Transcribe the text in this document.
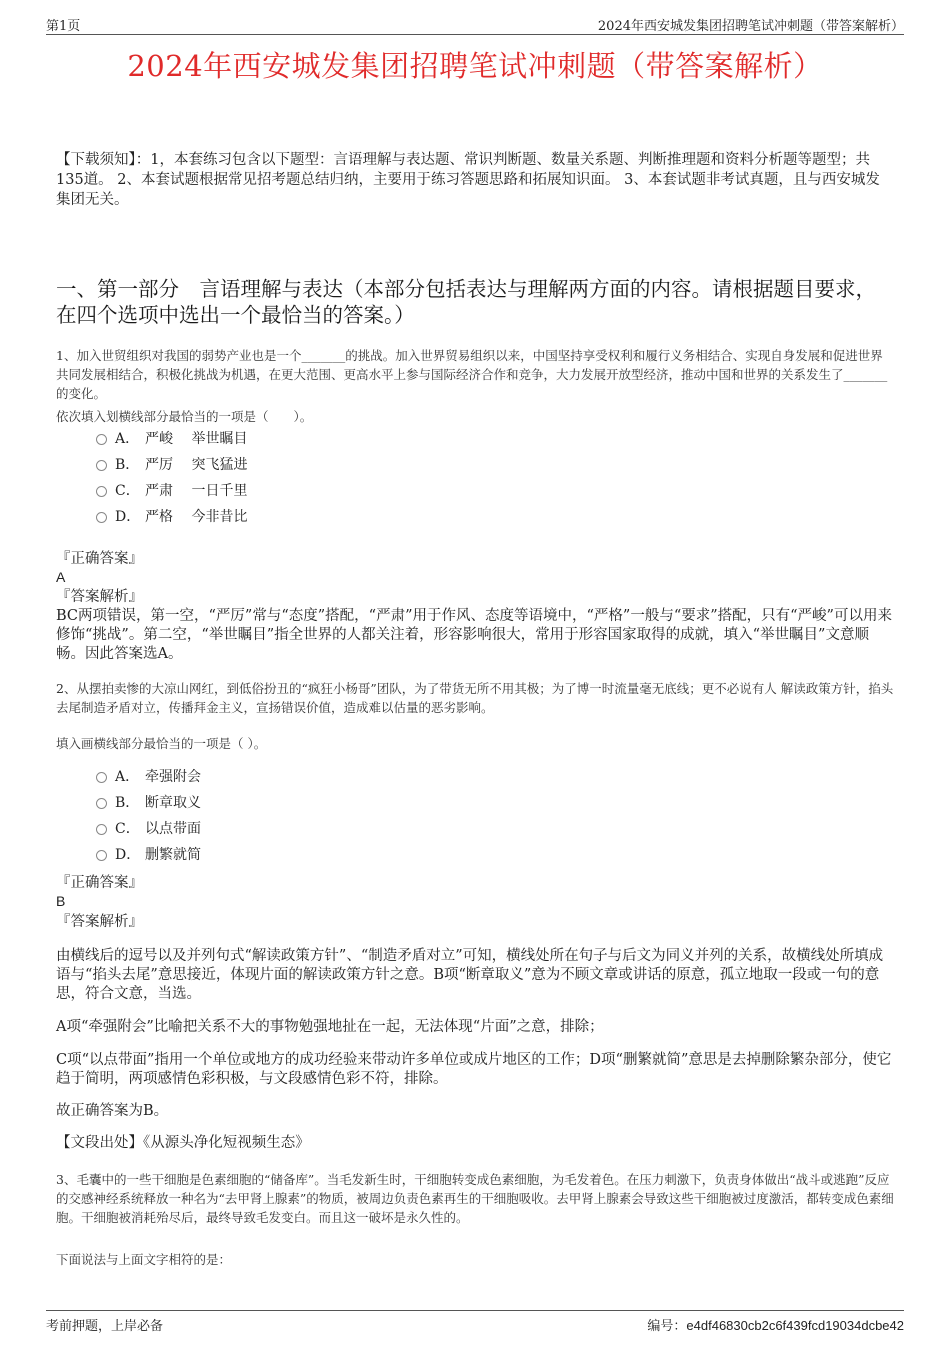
第1页	2024年西安城发集团招聘笔试冲刺题（带答案解析）
2024年西安城发集团招聘笔试冲刺题（带答案解析）
【下载须知】：1，本套练习包含以下题型：言语理解与表达题、常识判断题、数量关系题、判断推理题和资料分析题等题型；共135道。 2、本套试题根据常见招考题总结归纳，主要用于练习答题思路和拓展知识面。 3、本套试题非考试真题，且与西安城发集团无关。
一、第一部分　言语理解与表达（本部分包括表达与理解两方面的内容。请根据题目要求，在四个选项中选出一个最恰当的答案。）
1、加入世贸组织对我国的弱势产业也是一个_______的挑战。加入世界贸易组织以来，中国坚持享受权利和履行义务相结合、实现自身发展和促进世界共同发展相结合，积极化挑战为机遇，在更大范围、更高水平上参与国际经济合作和竞争，大力发展开放型经济，推动中国和世界的关系发生了_______的变化。
依次填入划横线部分最恰当的一项是（　　）。
A． 严峻　 举世瞩目
B． 严厉　 突飞猛进
C． 严肃　 一日千里
D． 严格　 今非昔比
『正确答案』
A
『答案解析』
BC两项错误，第一空，“严厉”常与“态度”搭配，“严肃”用于作风、态度等语境中，“严格”一般与“要求”搭配，只有“严峻”可以用来修饰“挑战”。第二空，“举世瞩目”指全世界的人都关注着，形容影响很大，常用于形容国家取得的成就，填入“举世瞩目”文意顺畅。因此答案选A。
2、从摆拍卖惨的大凉山网红，到低俗扮丑的“疯狂小杨哥”团队，为了带货无所不用其极；为了博一时流量毫无底线；更不必说有人 解读政策方针，掐头去尾制造矛盾对立，传播拜金主义，宣扬错误价值，造成难以估量的恶劣影响。
填入画横线部分最恰当的一项是（ ）。
A． 牵强附会
B． 断章取义
C． 以点带面
D． 删繁就简
『正确答案』
B
『答案解析』
由横线后的逗号以及并列句式“解读政策方针”、“制造矛盾对立”可知，横线处所在句子与后文为同义并列的关系，故横线处所填成语与“掐头去尾”意思接近，体现片面的解读政策方针之意。B项“断章取义”意为不顾文章或讲话的原意，孤立地取一段或一句的意思，符合文意，当选。
A项“牵强附会”比喻把关系不大的事物勉强地扯在一起，无法体现“片面”之意，排除；
C项“以点带面”指用一个单位或地方的成功经验来带动许多单位或成片地区的工作；D项“删繁就简”意思是去掉删除繁杂部分，使它趋于简明，两项感情色彩积极，与文段感情色彩不符，排除。
故正确答案为B。
【文段出处】《从源头净化短视频生态》
3、毛囊中的一些干细胞是色素细胞的“储备库”。当毛发新生时，干细胞转变成色素细胞，为毛发着色。在压力刺激下，负责身体做出“战斗或逃跑”反应的交感神经系统释放一种名为“去甲肾上腺素”的物质，被周边负责色素再生的干细胞吸收。去甲肾上腺素会导致这些干细胞被过度激活，都转变成色素细胞。干细胞被消耗殆尽后，最终导致毛发变白。而且这一破坏是永久性的。
下面说法与上面文字相符的是：
考前押题，上岸必备	编号：e4df46830cb2c6f439fcd19034dcbe42
